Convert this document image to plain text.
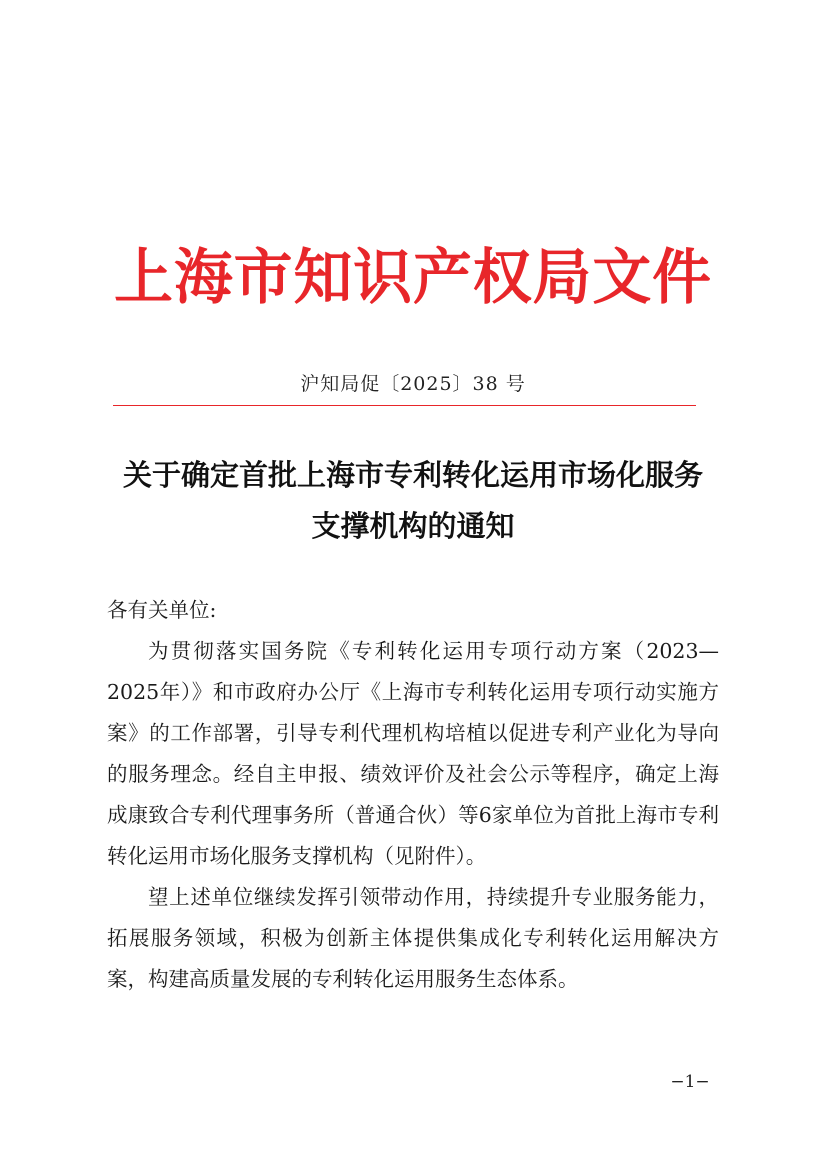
上海市知识产权局文件
沪知局促〔2025〕38 号
关于确定首批上海市专利转化运用市场化服务
支撑机构的通知

各有关单位:

为贯彻落实国务院《专利转化运用专项行动方案（2023—2025年）》和市政府办公厅《上海市专利转化运用专项行动实施方案》的工作部署，引导专利代理机构培植以促进专利产业化为导向的服务理念。经自主申报、绩效评价及社会公示等程序，确定上海成康致合专利代理事务所（普通合伙）等6家单位为首批上海市专利转化运用市场化服务支撑机构（见附件）。

望上述单位继续发挥引领带动作用，持续提升专业服务能力，拓展服务领域，积极为创新主体提供集成化专利转化运用解决方案，构建高质量发展的专利转化运用服务生态体系。

−1−
